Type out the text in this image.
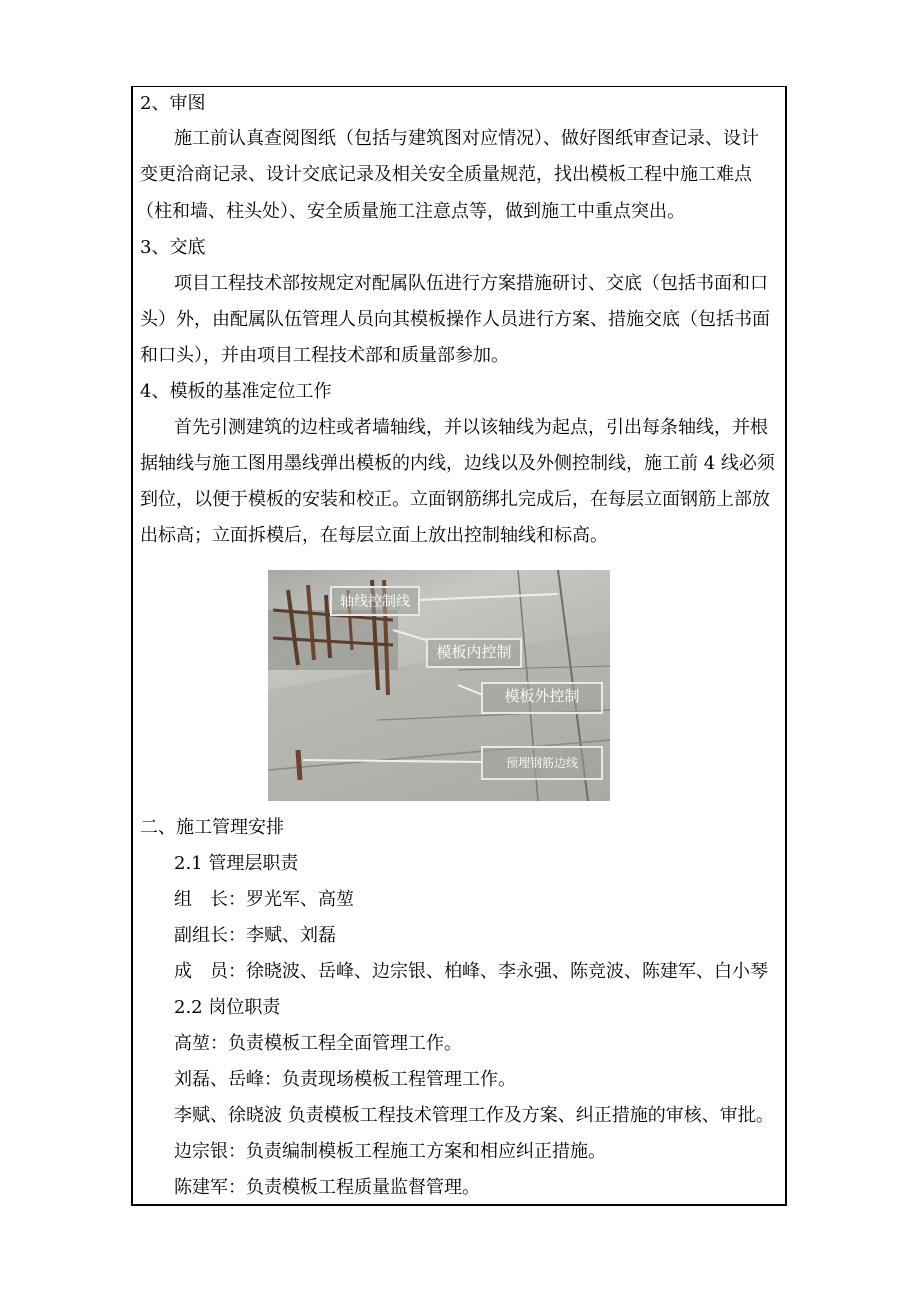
2、审图
施工前认真查阅图纸（包括与建筑图对应情况）、做好图纸审查记录、设计
变更洽商记录、设计交底记录及相关安全质量规范，找出模板工程中施工难点
（柱和墙、柱头处）、安全质量施工注意点等，做到施工中重点突出。
3、交底
项目工程技术部按规定对配属队伍进行方案措施研讨、交底（包括书面和口
头）外，由配属队伍管理人员向其模板操作人员进行方案、措施交底（包括书面
和口头），并由项目工程技术部和质量部参加。
4、模板的基准定位工作
首先引测建筑的边柱或者墙轴线，并以该轴线为起点，引出每条轴线，并根
据轴线与施工图用墨线弹出模板的内线，边线以及外侧控制线，施工前 4 线必须
到位，以便于模板的安装和校正。立面钢筋绑扎完成后，在每层立面钢筋上部放
出标高；立面拆模后，在每层立面上放出控制轴线和标高。
轴线控制线
模板内控制
模板外控制
预埋钢筋边线
二、施工管理安排
2.1 管理层职责
组　长：罗光军、高堃
副组长：李赋、刘磊
成　员：徐晓波、岳峰、边宗银、柏峰、李永强、陈竞波、陈建军、白小琴
2.2 岗位职责
高堃：负责模板工程全面管理工作。
刘磊、岳峰：负责现场模板工程管理工作。
李赋、徐晓波 负责模板工程技术管理工作及方案、纠正措施的审核、审批。
边宗银：负责编制模板工程施工方案和相应纠正措施。
陈建军：负责模板工程质量监督管理。
